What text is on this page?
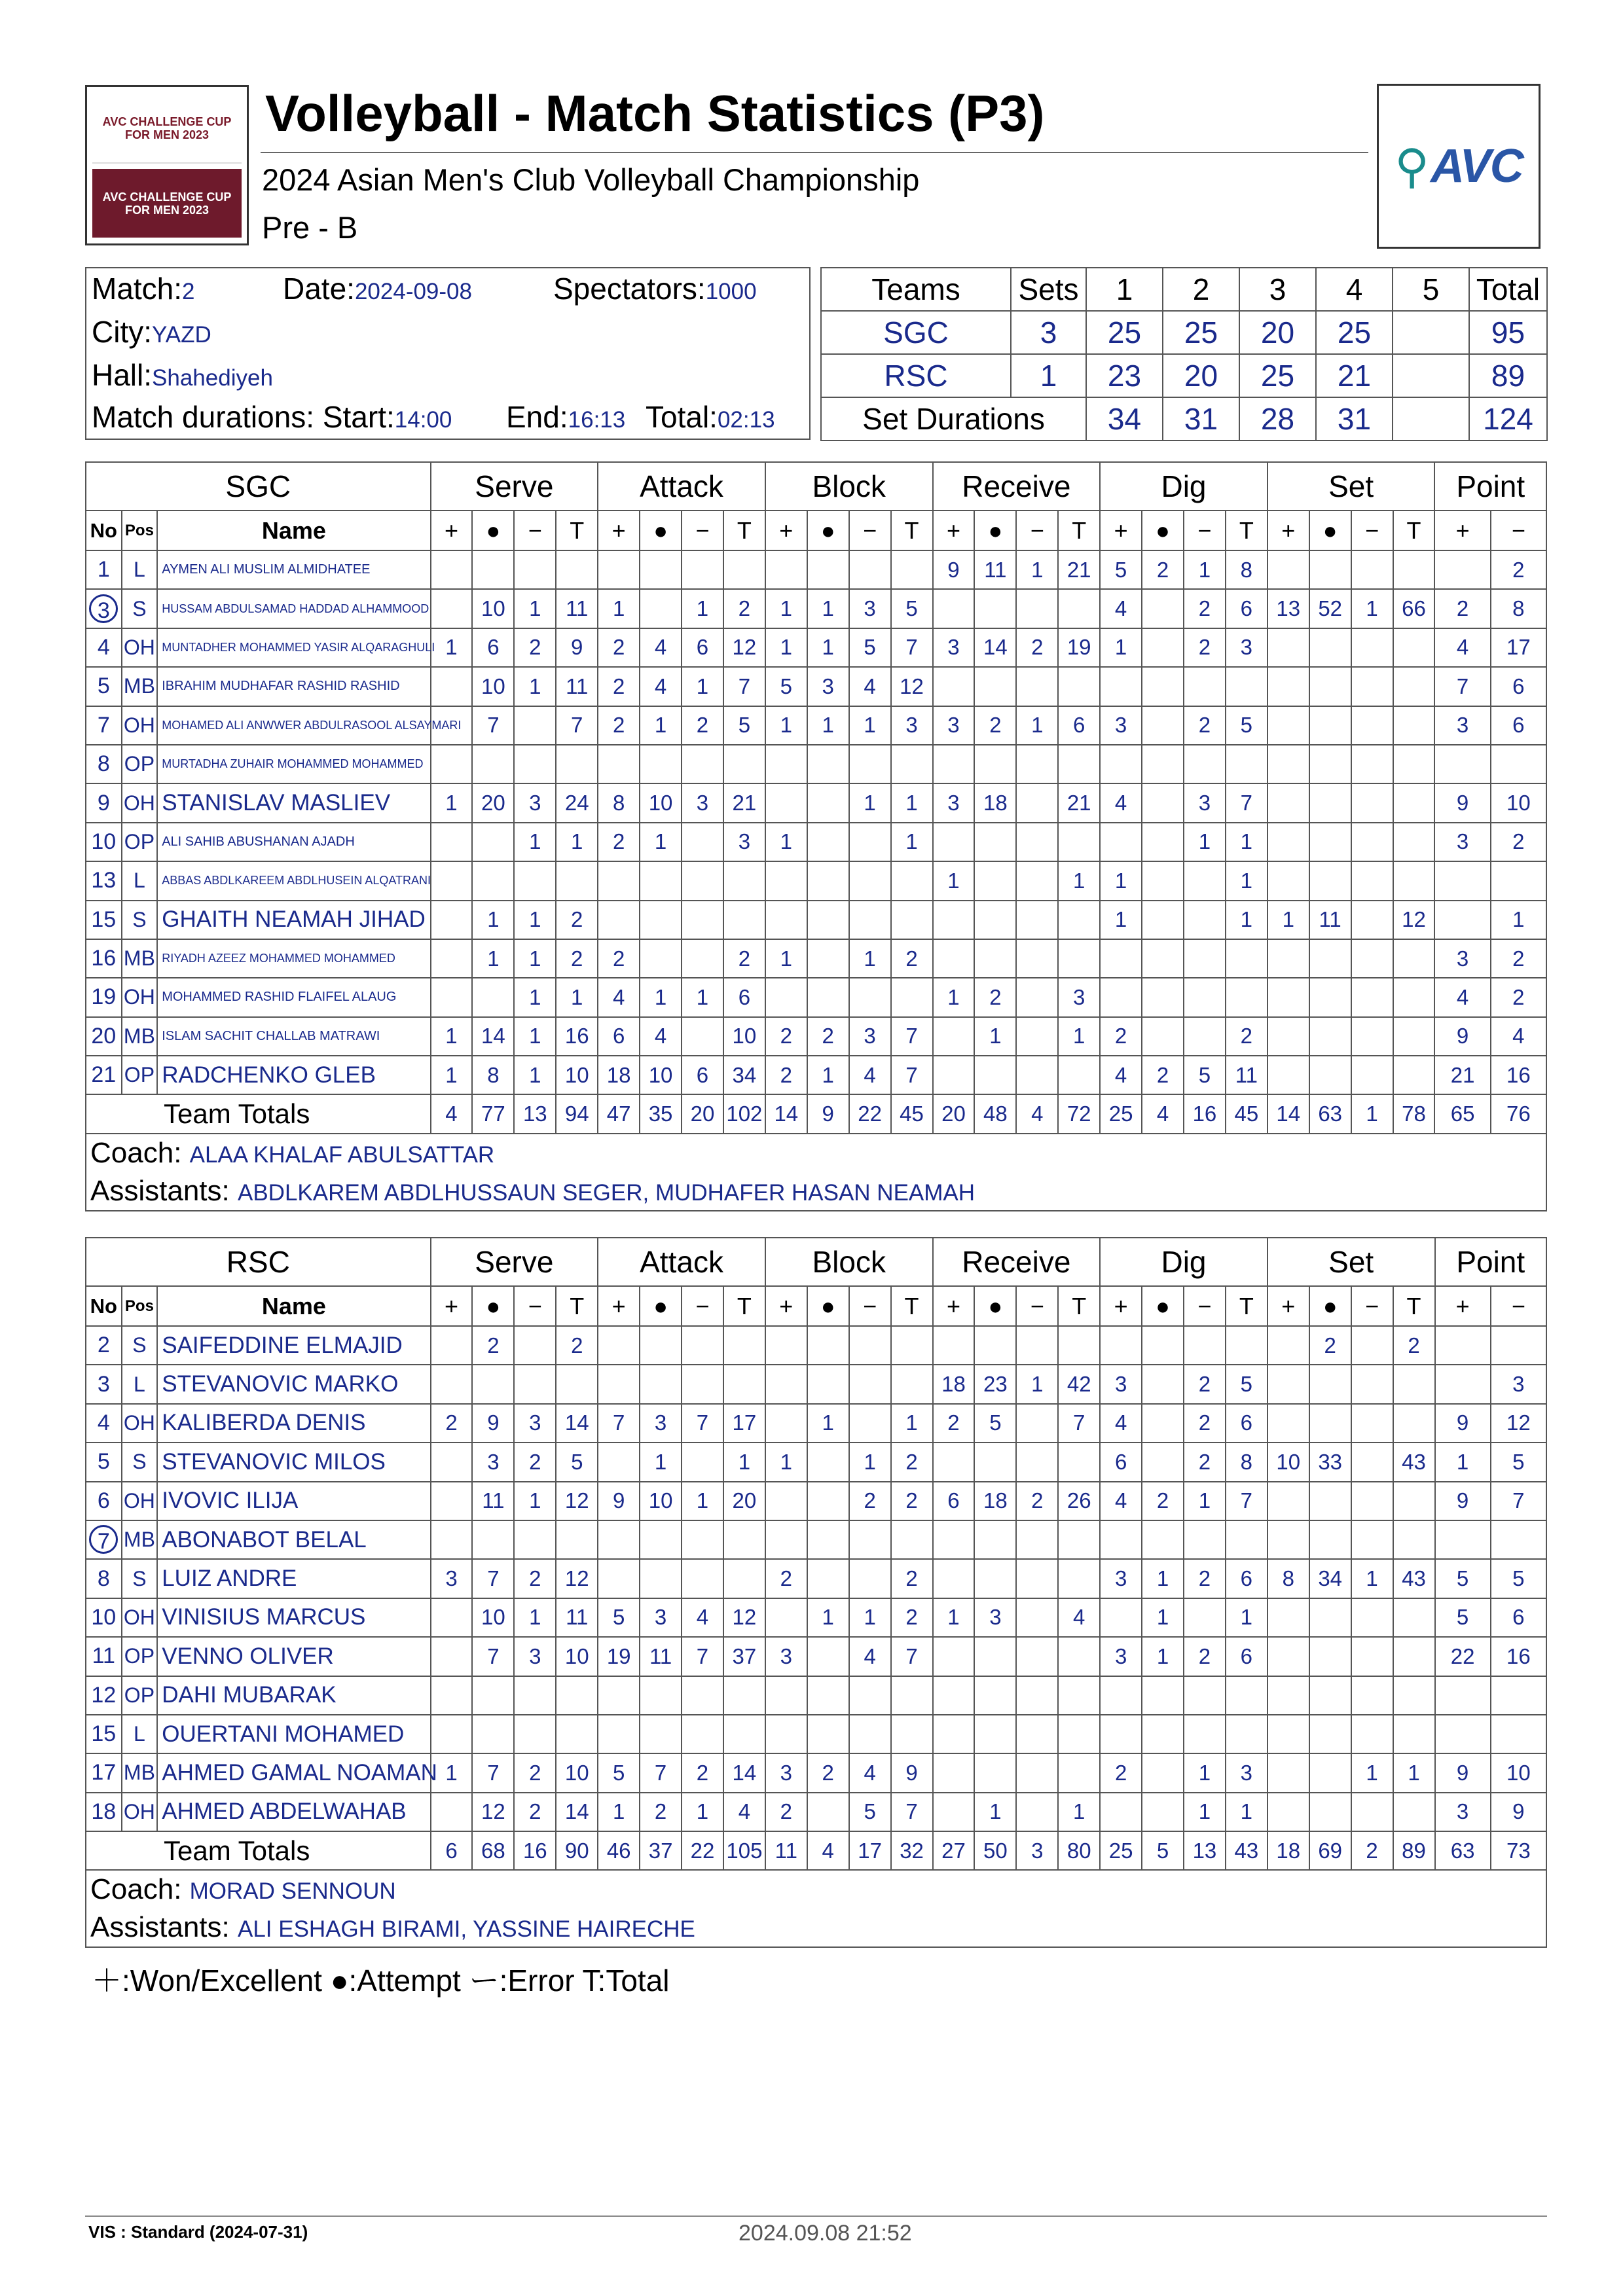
AVC CHALLENGE CUP FOR MEN 2023
AVC CHALLENGE CUP FOR MEN 2023
Volleyball - Match Statistics (P3)
2024 Asian Men's Club Volleyball Championship
Pre - B
⚲ AVC
Match:2	Date:2024-09-08	Spectators:1000
City:YAZD
Hall:Shahediyeh
Match durations: Start:14:00 End:16:13 Total:02:13
Teams	Sets	1	2	3	4	5	Total
SGC	3	25	25	20	25		95
RSC	1	23	20	25	21		89
Set Durations		34	31	28	31		124
SGC			Serve				Attack				Block				Receive				Dig				Set				Point	
No	Pos	Name	+	●	−	T	+	●	−	T	+	●	−	T	+	●	−	T	+	●	−	T	+	●	−	T	+	−
1	L	AYMEN ALI MUSLIM ALMIDHATEE													9	11	1	21	5	2	1	8						2
3	S	HUSSAM ABDULSAMAD HADDAD ALHAMMOOD		10	1	11	1		1	2	1	1	3	5					4		2	6	13	52	1	66	2	8
4	OH	MUNTADHER MOHAMMED YASIR ALQARAGHULI	1	6	2	9	2	4	6	12	1	1	5	7	3	14	2	19	1		2	3					4	17
5	MB	IBRAHIM MUDHAFAR RASHID RASHID		10	1	11	2	4	1	7	5	3	4	12													7	6
7	OH	MOHAMED ALI ANWWER ABDULRASOOL ALSAYMARI		7		7	2	1	2	5	1	1	1	3	3	2	1	6	3		2	5					3	6
8	OP	MURTADHA ZUHAIR MOHAMMED MOHAMMED																										
9	OH	STANISLAV MASLIEV	1	20	3	24	8	10	3	21			1	1	3	18		21	4		3	7					9	10
10	OP	ALI SAHIB ABUSHANAN AJADH			1	1	2	1		3	1			1							1	1					3	2
13	L	ABBAS ABDLKAREEM ABDLHUSEIN ALQATRANI													1			1	1			1						
15	S	GHAITH NEAMAH JIHAD		1	1	2													1			1	1	11		12		1
16	MB	RIYADH AZEEZ MOHAMMED MOHAMMED		1	1	2	2			2	1		1	2													3	2
19	OH	MOHAMMED RASHID FLAIFEL ALAUG			1	1	4	1	1	6					1	2		3									4	2
20	MB	ISLAM SACHIT CHALLAB MATRAWI	1	14	1	16	6	4		10	2	2	3	7		1		1	2			2					9	4
21	OP	RADCHENKO GLEB	1	8	1	10	18	10	6	34	2	1	4	7					4	2	5	11					21	16
Team Totals			4	77	13	94	47	35	20	102	14	9	22	45	20	48	4	72	25	4	16	45	14	63	1	78	65	76
Coach: ALAA KHALAF ABULSATTAR																												
Assistants: ABDLKAREM ABDLHUSSAUN SEGER, MUDHAFER HASAN NEAMAH																												
RSC			Serve				Attack				Block				Receive				Dig				Set				Point	
No	Pos	Name	+	●	−	T	+	●	−	T	+	●	−	T	+	●	−	T	+	●	−	T	+	●	−	T	+	−
2	S	SAIFEDDINE ELMAJID		2		2																		2		2		
3	L	STEVANOVIC MARKO													18	23	1	42	3		2	5						3
4	OH	KALIBERDA DENIS	2	9	3	14	7	3	7	17		1		1	2	5		7	4		2	6					9	12
5	S	STEVANOVIC MILOS		3	2	5		1		1	1		1	2					6		2	8	10	33		43	1	5
6	OH	IVOVIC ILIJA		11	1	12	9	10	1	20			2	2	6	18	2	26	4	2	1	7					9	7
7	MB	ABONABOT BELAL																										
8	S	LUIZ ANDRE	3	7	2	12					2			2					3	1	2	6	8	34	1	43	5	5
10	OH	VINISIUS MARCUS		10	1	11	5	3	4	12		1	1	2	1	3		4		1		1					5	6
11	OP	VENNO OLIVER		7	3	10	19	11	7	37	3		4	7					3	1	2	6					22	16
12	OP	DAHI MUBARAK																										
15	L	OUERTANI MOHAMED																										
17	MB	AHMED GAMAL NOAMAN	1	7	2	10	5	7	2	14	3	2	4	9					2		1	3			1	1	9	10
18	OH	AHMED ABDELWAHAB		12	2	14	1	2	1	4	2		5	7		1		1			1	1					3	9
Team Totals			6	68	16	90	46	37	22	105	11	4	17	32	27	50	3	80	25	5	13	43	18	69	2	89	63	73
Coach: MORAD SENNOUN																												
Assistants: ALI ESHAGH BIRAMI, YASSINE HAIRECHE																												
＋:Won/Excellent ●:Attempt ー:Error T:Total
VIS : Standard (2024-07-31)	2024.09.08 21:52
